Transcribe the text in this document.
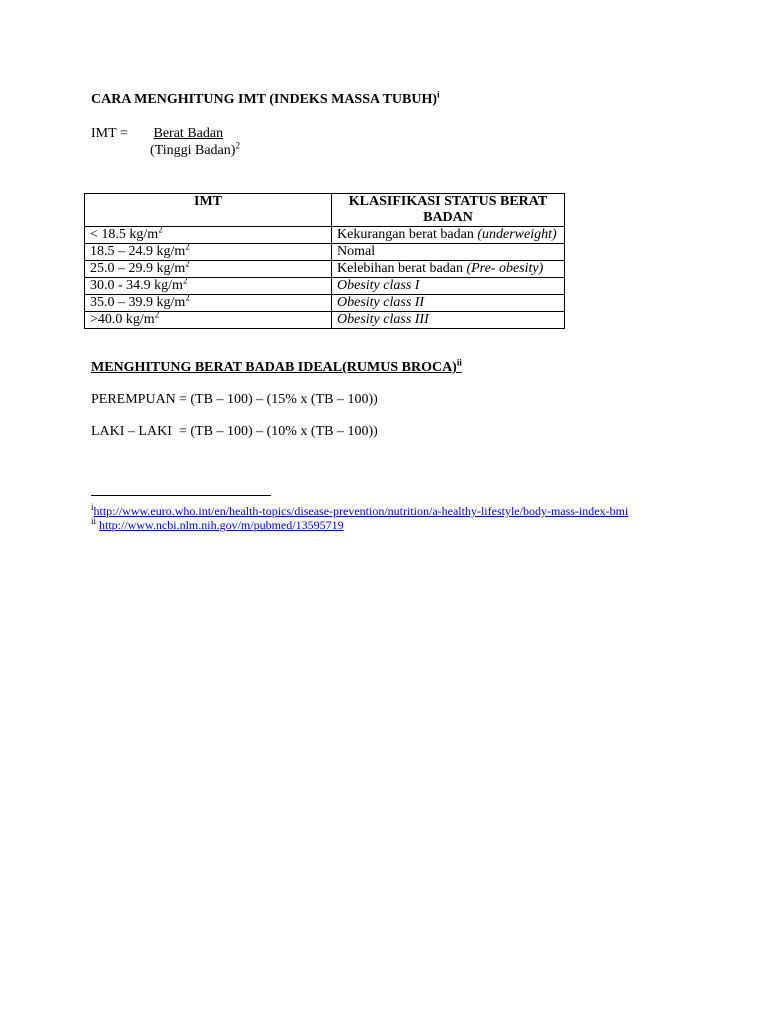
CARA MENGHITUNG IMT (INDEKS MASSA TUBUH)$^i$
IMT = Berat Badan
(Tinggi Badan)$^2$
IMT	KLASIFIKASI STATUS BERAT BADAN
< 18.5 $kg/m^2$	Kekurangan berat badan (underweight)
18.5 – 24.9 $kg/m^2$	Nomal
25.0 – 29.9 $kg/m^2$	Kelebihan berat badan (Pre- obesity)
30.0 - 34.9 $kg/m^2$	Obesity class I
35.0 – 39.9 $kg/m^2$	Obesity class II
>40.0 $kg/m^2$	Obesity class III
MENGHITUNG BERAT BADAB IDEAL(RUMUS BROCA)$^{ii}$
PEREMPUAN = (TB – 100) – (15% x (TB – 100))
LAKI – LAKI = (TB – 100) – (10% x (TB – 100))
$^i$http://www.euro.who.int/en/health-topics/disease-prevention/nutrition/a-healthy-lifestyle/body-mass-index-bmi
$^{ii}$ http://www.ncbi.nlm.nih.gov/m/pubmed/13595719
